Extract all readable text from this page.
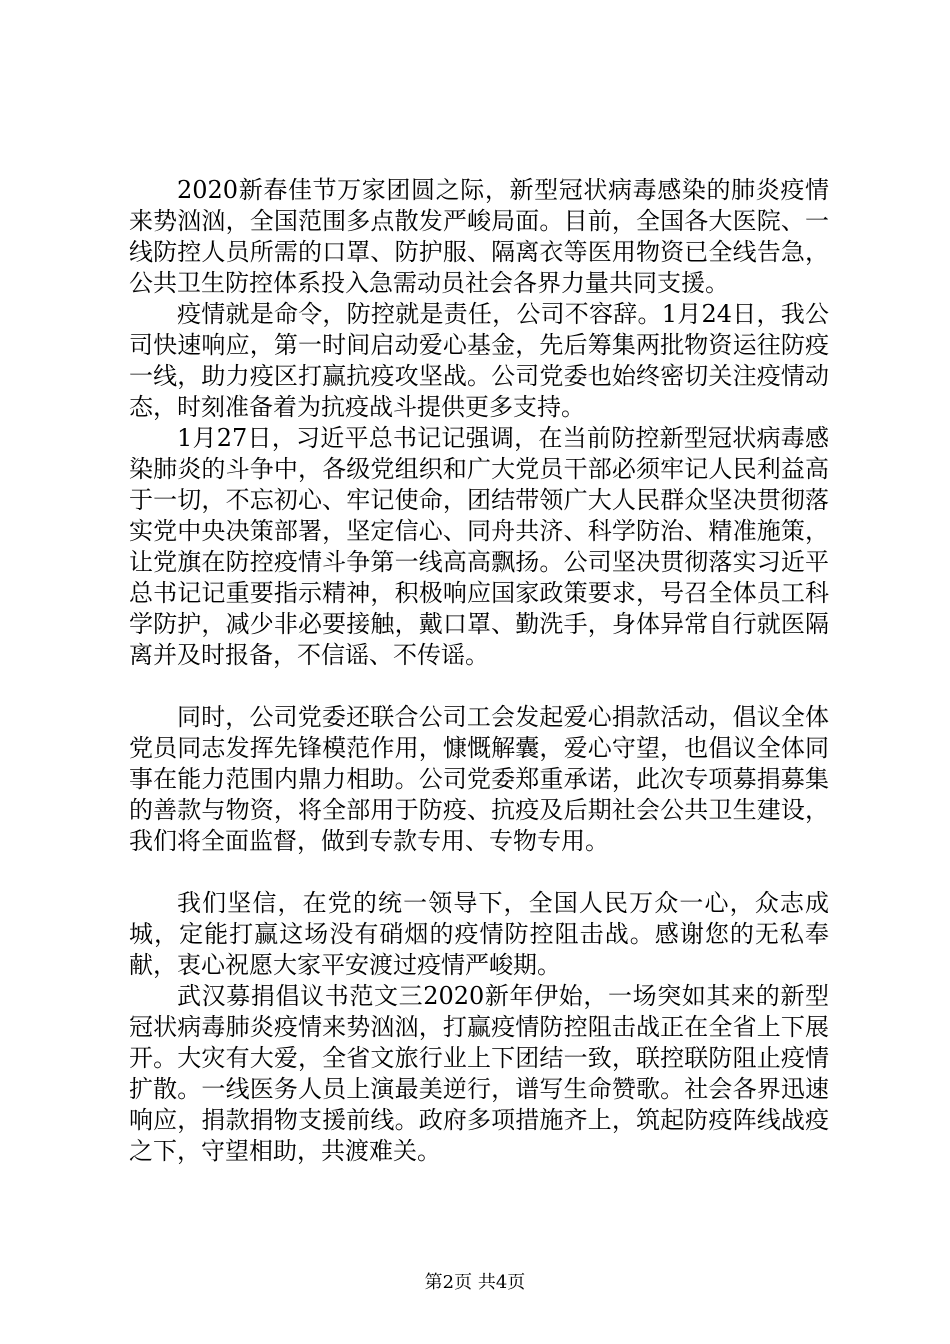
2020新春佳节万家团圆之际，新型冠状病毒感染的肺炎疫情来势汹汹，全国范围多点散发严峻局面。目前，全国各大医院、一线防控人员所需的口罩、防护服、隔离衣等医用物资已全线告急，公共卫生防控体系投入急需动员社会各界力量共同支援。

疫情就是命令，防控就是责任，公司不容辞。1月24日，我公司快速响应，第一时间启动爱心基金，先后筹集两批物资运往防疫一线，助力疫区打赢抗疫攻坚战。公司党委也始终密切关注疫情动态，时刻准备着为抗疫战斗提供更多支持。

1月27日，习近平总书记记强调，在当前防控新型冠状病毒感染肺炎的斗争中，各级党组织和广大党员干部必须牢记人民利益高于一切，不忘初心、牢记使命，团结带领广大人民群众坚决贯彻落实党中央决策部署，坚定信心、同舟共济、科学防治、精准施策，让党旗在防控疫情斗争第一线高高飘扬。公司坚决贯彻落实习近平总书记记重要指示精神，积极响应国家政策要求，号召全体员工科学防护，减少非必要接触，戴口罩、勤洗手，身体异常自行就医隔离并及时报备，不信谣、不传谣。

同时，公司党委还联合公司工会发起爱心捐款活动，倡议全体党员同志发挥先锋模范作用，慷慨解囊，爱心守望，也倡议全体同事在能力范围内鼎力相助。公司党委郑重承诺，此次专项募捐募集的善款与物资，将全部用于防疫、抗疫及后期社会公共卫生建设，我们将全面监督，做到专款专用、专物专用。

我们坚信，在党的统一领导下，全国人民万众一心，众志成城，定能打赢这场没有硝烟的疫情防控阻击战。感谢您的无私奉献，衷心祝愿大家平安渡过疫情严峻期。

武汉募捐倡议书范文三2020新年伊始，一场突如其来的新型冠状病毒肺炎疫情来势汹汹，打赢疫情防控阻击战正在全省上下展开。大灾有大爱，全省文旅行业上下团结一致，联控联防阻止疫情扩散。一线医务人员上演最美逆行，谱写生命赞歌。社会各界迅速响应，捐款捐物支援前线。政府多项措施齐上，筑起防疫阵线战疫之下，守望相助，共渡难关。

第2页 共4页
